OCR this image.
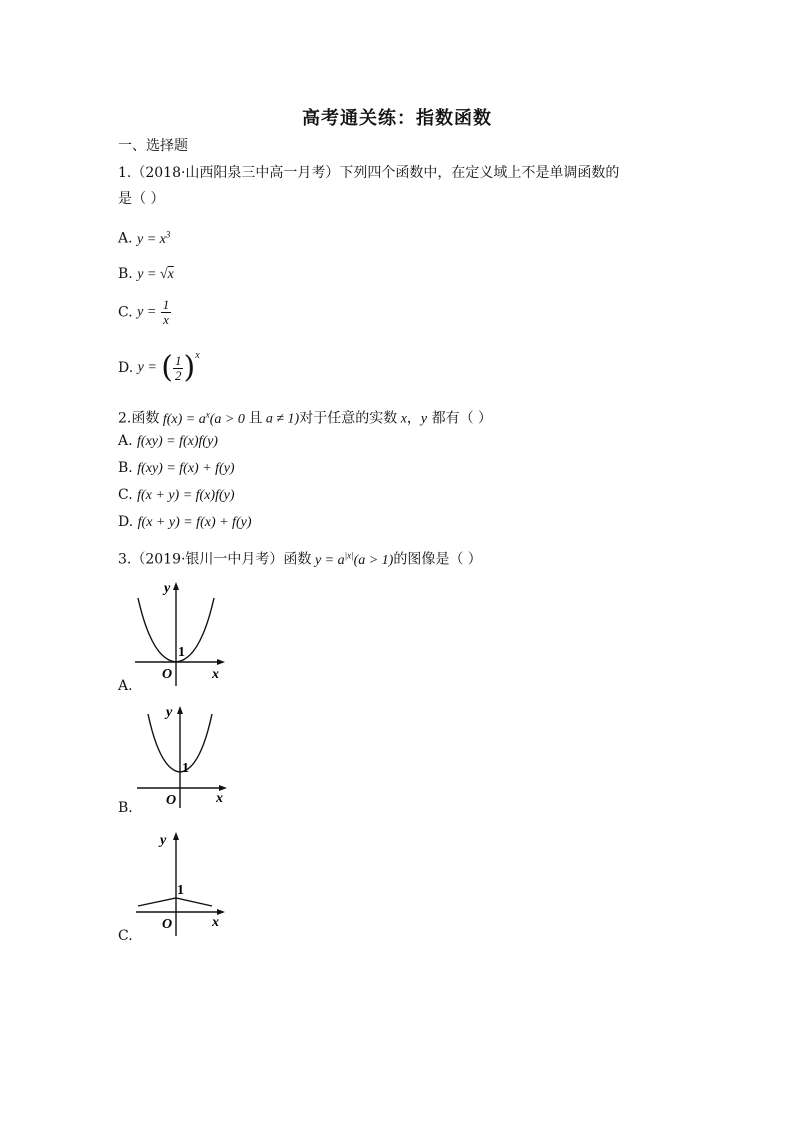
高考通关练：指数函数
一、选择题
1.（2018·山西阳泉三中高一月考）下列四个函数中，在定义域上不是单调函数的
是（ ）
A. $y = x^3$
B. y = √x
C. $y = \frac{1}{x}$
D. y = ( $\frac{1}{2} )^x$
2.函数 $f(x) = a^x(a > 0$ 且 a ≠ 1)对于任意的实数 x，y 都有（ ）
A. f(xy) = f(x)f(y)
B. f(xy) = f(x) + f(y)
C. f(x + y) = f(x)f(y)
D. f(x + y) = f(x) + f(y)
3.（2019·银川一中月考）函数 $y = a^{|x|}(a > 1)$的图像是（ ）
y
1
O	x
A.
y
1
O	x
B.
y
1
O	x
C.
